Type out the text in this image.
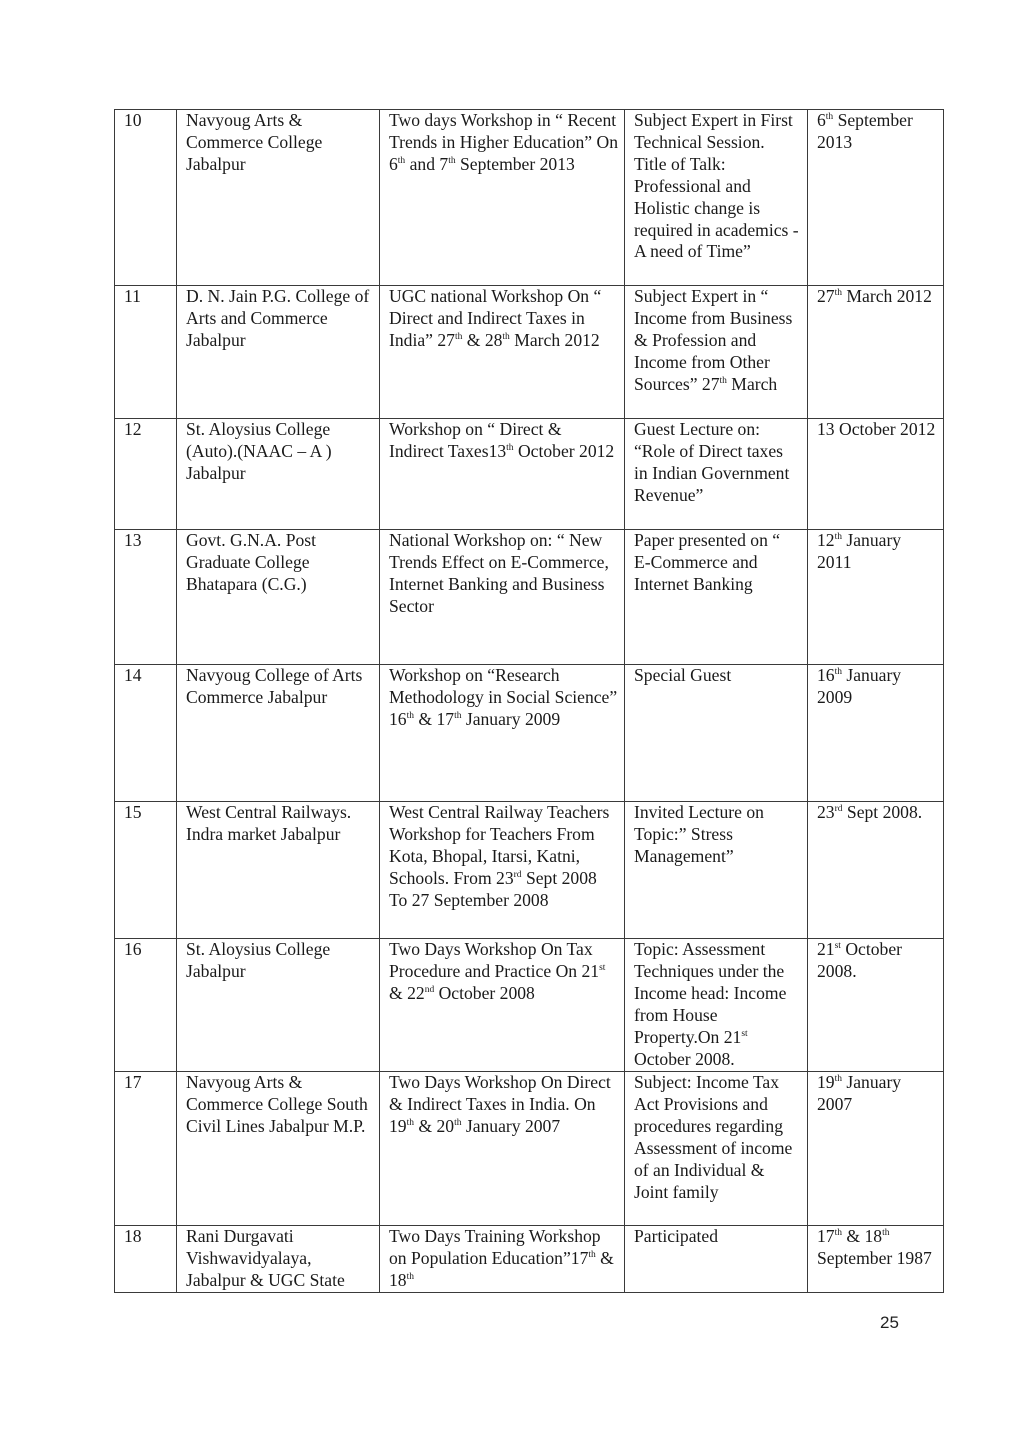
10	Navyoug Arts & Commerce College Jabalpur	Two days Workshop in “ Recent Trends in Higher Education” On 6th and 7th September 2013	Subject Expert in First Technical Session. Title of Talk: Professional and Holistic change is required in academics - A need of Time”	6th September 2013
11	D. N. Jain P.G. College of Arts and Commerce Jabalpur	UGC national Workshop On “ Direct and Indirect Taxes in India” 27th & 28th March 2012	Subject Expert in “ Income from Business & Profession and Income from Other Sources” 27th March	27th March 2012
12	St. Aloysius College (Auto).(NAAC – A ) Jabalpur	Workshop on “ Direct & Indirect Taxes13th October 2012	Guest Lecture on: “Role of Direct taxes in Indian Government Revenue”	13 October 2012
13	Govt. G.N.A. Post Graduate College Bhatapara (C.G.)	National Workshop on: “ New Trends Effect on E-Commerce, Internet Banking and Business Sector	Paper presented on “ E-Commerce and Internet Banking	12th January 2011
14	Navyoug College of Arts Commerce Jabalpur	Workshop on “Research Methodology in Social Science” 16th & 17th January 2009	Special Guest	16th January 2009
15	West Central Railways. Indra market Jabalpur	West Central Railway Teachers Workshop for Teachers From Kota, Bhopal, Itarsi, Katni, Schools. From 23rd Sept 2008 To 27 September 2008	Invited Lecture on Topic:” Stress Management”	23rd Sept 2008.
16	St. Aloysius College Jabalpur	Two Days Workshop On Tax Procedure and Practice On 21st & 22nd October 2008	Topic: Assessment Techniques under the Income head: Income from House Property.On 21st October 2008.	21st October 2008.
17	Navyoug Arts & Commerce College South Civil Lines Jabalpur M.P.	Two Days Workshop On Direct & Indirect Taxes in India. On 19th & 20th January 2007	Subject: Income Tax Act Provisions and procedures regarding Assessment of income of an Individual & Joint family	19th January 2007
18	Rani Durgavati Vishwavidyalaya, Jabalpur & UGC State	Two Days Training Workshop on Population Education”17th & 18th	Participated	17th & 18th September 1987
25
